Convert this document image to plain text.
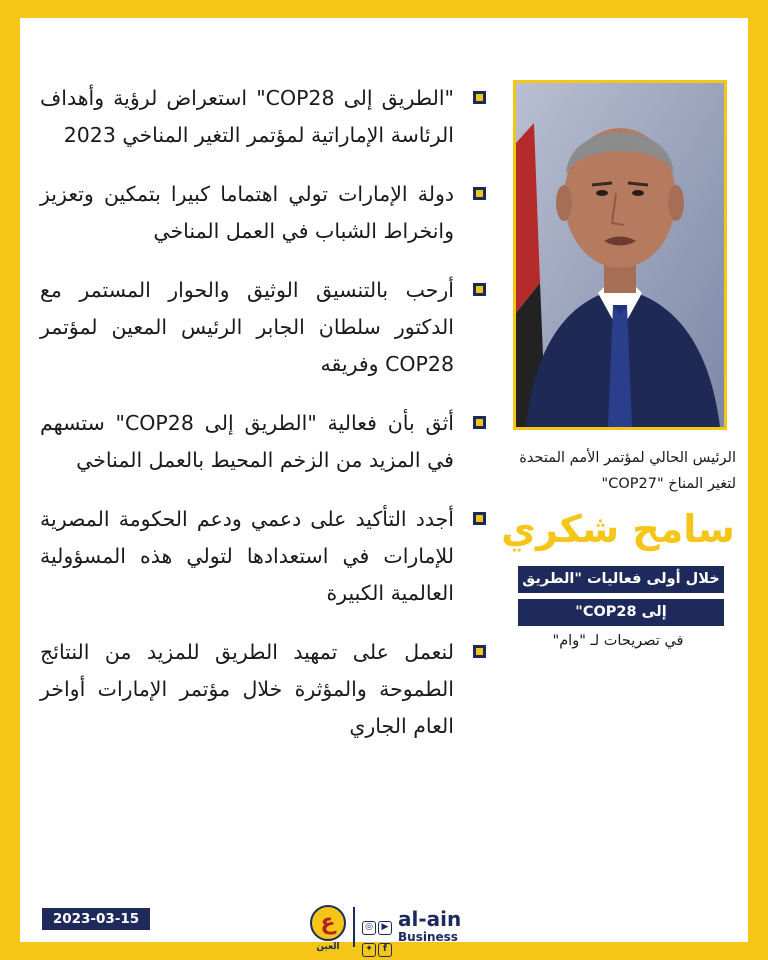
"الطريق إلى COP28" استعراض لرؤية وأهداف الرئاسة الإماراتية لمؤتمر التغير المناخي 2023
دولة الإمارات تولي اهتماما كبيرا بتمكين وتعزيز وانخراط الشباب في العمل المناخي
أرحب بالتنسيق الوثيق والحوار المستمر مع الدكتور سلطان الجابر الرئيس المعين لمؤتمر COP28 وفريقه
أثق بأن فعالية "الطريق إلى COP28" ستسهم في المزيد من الزخم المحيط بالعمل المناخي
أجدد التأكيد على دعمي ودعم الحكومة المصرية للإمارات في استعدادها لتولي هذه المسؤولية العالمية الكبيرة
لنعمل على تمهيد الطريق للمزيد من النتائج الطموحة والمؤثرة خلال مؤتمر الإمارات أواخر العام الجاري
الرئيس الحالي لمؤتمر الأمم المتحدة لتغير المناخ "COP27"
سامح شكري
خلال أولى فعاليات "الطريق
إلى COP28"
في تصريحات لـ "وام"
2023-03-15	ع
العين
◎ ▶✦ f
al-ain
Business
